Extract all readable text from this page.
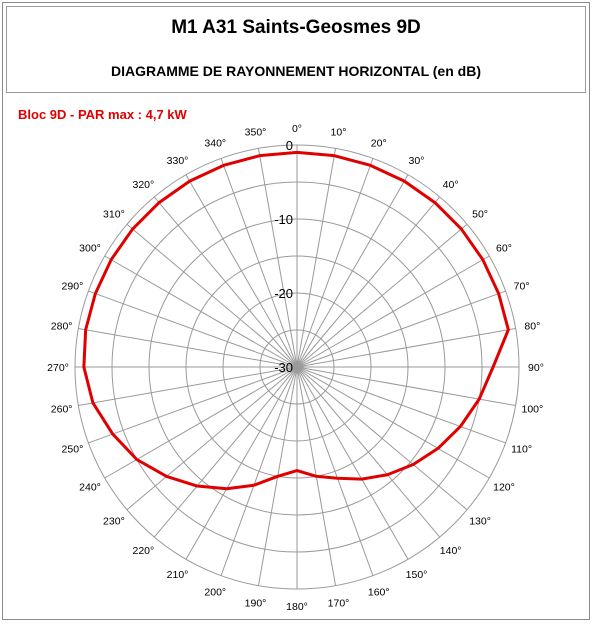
M1 A31 Saints-Geosmes 9D
DIAGRAMME DE RAYONNEMENT HORIZONTAL (en dB)
Bloc 9D - PAR max : 4,7 kW
0
-10
-20
-30
0°	10°
20°
30°
40°
50°
60°
70°
80°
90°
100°
110°
120°
130°
140°
150°
160°
170°
180°
190°
200°
210°
220°
230°
240°
250°
260°
270°
280°
290°
300°
310°
320°
330°
340°
350°
